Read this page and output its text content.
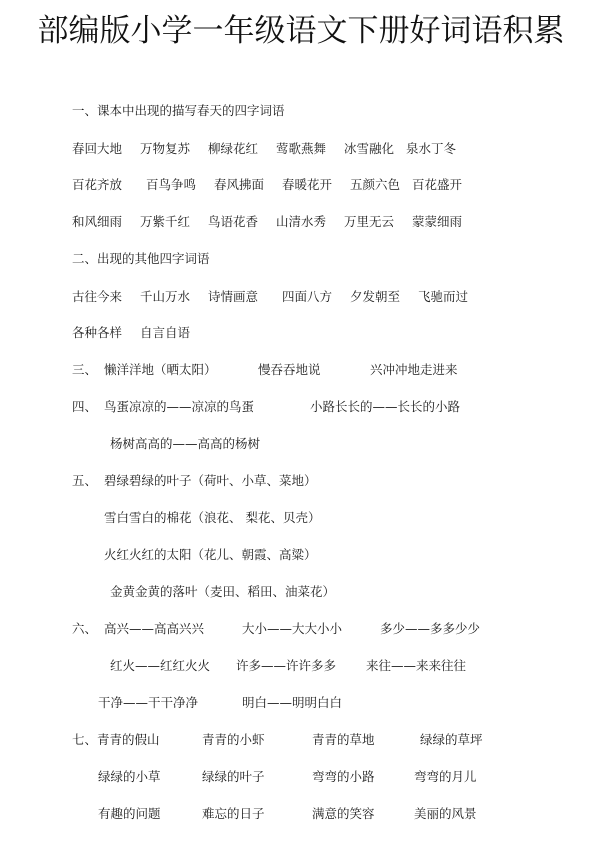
部编版小学一年级语文下册好词语积累
一、课本中出现的描写春天的四字词语
春回大地 万物复苏 柳绿花红 莺歌燕舞 冰雪融化 泉水丁冬
百花齐放 百鸟争鸣 春风拂面 春暖花开 五颜六色 百花盛开
和风细雨 万紫千红 鸟语花香 山清水秀 万里无云 蒙蒙细雨
二、出现的其他四字词语
古往今来 千山万水 诗情画意 四面八方 夕发朝至 飞驰而过
各种各样 自言自语
三、 懒洋洋地（晒太阳）	慢吞吞地说	兴冲冲地走进来
四、 鸟蛋凉凉的——凉凉的鸟蛋	小路长长的——长长的小路
杨树高高的——高高的杨树
五、 碧绿碧绿的叶子（荷叶、小草、菜地）
雪白雪白的棉花（浪花、 梨花、贝壳）
火红火红的太阳（花儿、朝霞、高粱）
金黄金黄的落叶（麦田、稻田、油菜花）
六、 高兴——高高兴兴	大小——大大小小	多少——多多少少
红火——红红火火 许多——许许多多 来往——来来往往
干净——干干净净	明白——明明白白
七、青青的假山	青青的小虾	青青的草地	绿绿的草坪
绿绿的小草	绿绿的叶子	弯弯的小路	弯弯的月儿
有趣的问题	难忘的日子	满意的笑容	美丽的风景
